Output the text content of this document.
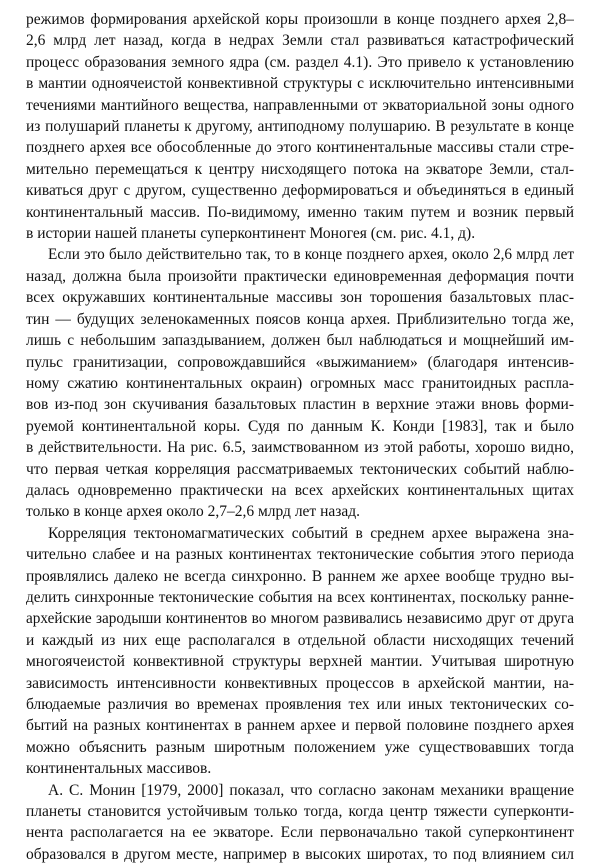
режимов формирования архейской коры произошли в конце позднего архея 2,8–
2,6 млрд лет назад, когда в недрах Земли стал развиваться катастрофический
процесс образования земного ядра (см. раздел 4.1). Это привело к установлению
в мантии одноячеистой конвективной структуры с исключительно интенсивными
течениями мантийного вещества, направленными от экваториальной зоны одного
из полушарий планеты к другому, антиподному полушарию. В результате в конце
позднего архея все обособленные до этого континентальные массивы стали стре-
мительно перемещаться к центру нисходящего потока на экваторе Земли, стал-
киваться друг с другом, существенно деформироваться и объединяться в единый
континентальный массив. По-видимому, именно таким путем и возник первый
в истории нашей планеты суперконтинент Моногея (см. рис. 4.1, д).
Если это было действительно так, то в конце позднего архея, около 2,6 млрд лет
назад, должна была произойти практически единовременная деформация почти
всех окружавших континентальные массивы зон торошения базальтовых плас-
тин — будущих зеленокаменных поясов конца архея. Приблизительно тогда же,
лишь с небольшим запаздыванием, должен был наблюдаться и мощнейший им-
пульс гранитизации, сопровождавшийся «выжиманием» (благодаря интенсив-
ному сжатию континентальных окраин) огромных масс гранитоидных распла-
вов из-под зон скучивания базальтовых пластин в верхние этажи вновь форми-
руемой континентальной коры. Судя по данным К. Конди [1983], так и было
в действительности. На рис. 6.5, заимствованном из этой работы, хорошо видно,
что первая четкая корреляция рассматриваемых тектонических событий наблю-
далась одновременно практически на всех архейских континентальных щитах
только в конце архея около 2,7–2,6 млрд лет назад.
Корреляция тектономагматических событий в среднем архее выражена зна-
чительно слабее и на разных континентах тектонические события этого периода
проявлялись далеко не всегда синхронно. В раннем же архее вообще трудно вы-
делить синхронные тектонические события на всех континентах, поскольку ранне-
архейские зародыши континентов во многом развивались независимо друг от друга
и каждый из них еще располагался в отдельной области нисходящих течений
многоячеистой конвективной структуры верхней мантии. Учитывая широтную
зависимость интенсивности конвективных процессов в архейской мантии, на-
блюдаемые различия во временах проявления тех или иных тектонических со-
бытий на разных континентах в раннем архее и первой половине позднего архея
можно объяснить разным широтным положением уже существовавших тогда
континентальных массивов.
А. С. Монин [1979, 2000] показал, что согласно законам механики вращение
планеты становится устойчивым только тогда, когда центр тяжести суперконти-
нента располагается на ее экваторе. Если первоначально такой суперконтинент
образовался в другом месте, например в высоких широтах, то под влиянием сил
